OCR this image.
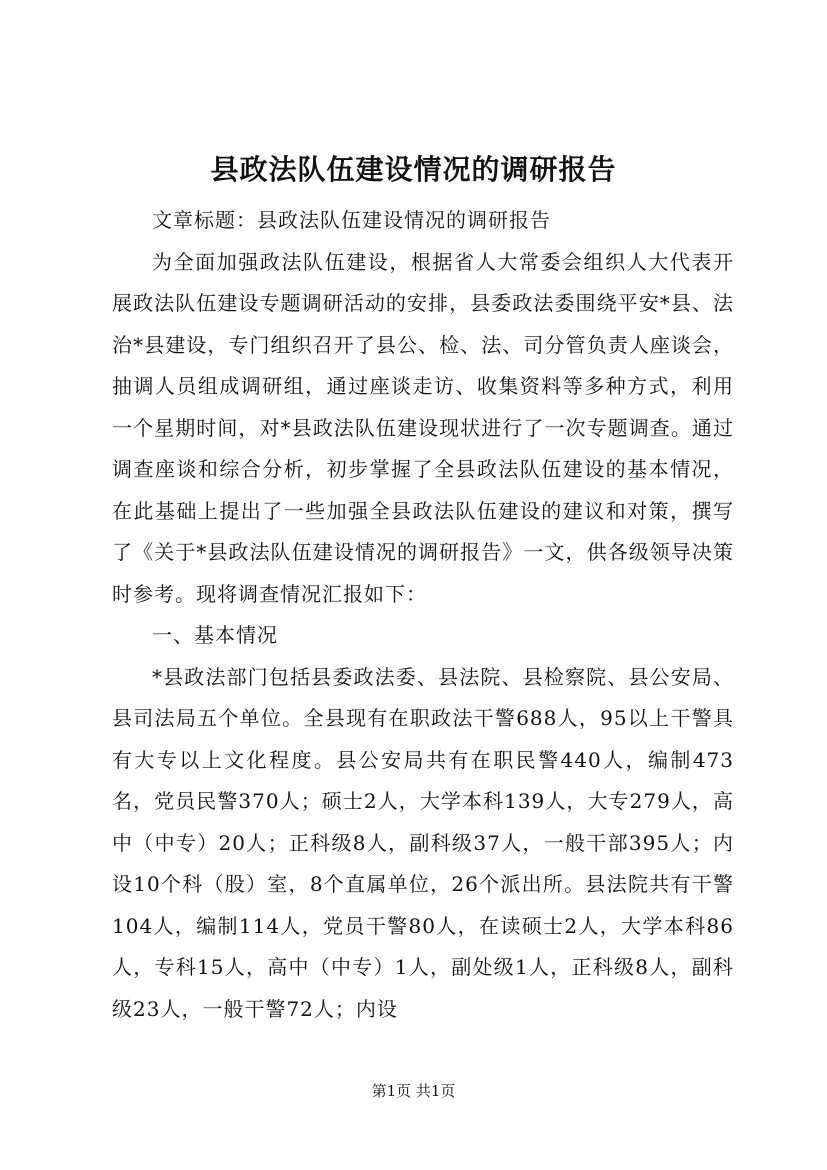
县政法队伍建设情况的调研报告

文章标题：县政法队伍建设情况的调研报告

为全面加强政法队伍建设，根据省人大常委会组织人大代表开展政法队伍建设专题调研活动的安排，县委政法委围绕平安*县、法治*县建设，专门组织召开了县公、检、法、司分管负责人座谈会，抽调人员组成调研组，通过座谈走访、收集资料等多种方式，利用一个星期时间，对*县政法队伍建设现状进行了一次专题调查。通过调查座谈和综合分析，初步掌握了全县政法队伍建设的基本情况，在此基础上提出了一些加强全县政法队伍建设的建议和对策，撰写了《关于*县政法队伍建设情况的调研报告》一文，供各级领导决策时参考。现将调查情况汇报如下：

一、基本情况

*县政法部门包括县委政法委、县法院、县检察院、县公安局、县司法局五个单位。全县现有在职政法干警688人，95以上干警具有大专以上文化程度。县公安局共有在职民警440人，编制473名，党员民警370人；硕士2人，大学本科139人，大专279人，高中（中专）20人；正科级8人，副科级37人，一般干部395人；内设10个科（股）室，8个直属单位，26个派出所。县法院共有干警104人，编制114人，党员干警80人，在读硕士2人，大学本科86人，专科15人，高中（中专）1人，副处级1人，正科级8人，副科级23人，一般干警72人；内设

第1页 共1页
